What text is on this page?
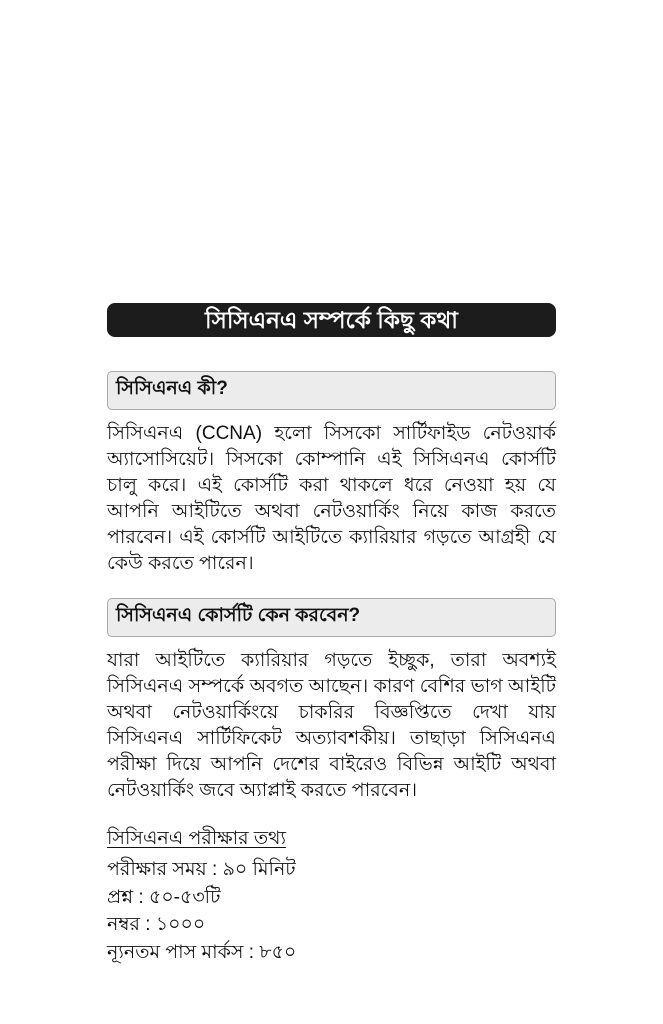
সিসিএনএ সম্পর্কে কিছু কথা
সিসিএনএ কী?

সিসিএনএ (CCNA) হলো সিসকো সার্টিফাইড নেটওয়ার্ক অ্যাসোসিয়েট। সিসকো কোম্পানি এই সিসিএনএ কোর্সটি চালু করে। এই কোর্সটি করা থাকলে ধরে নেওয়া হয় যে আপনি আইটিতে অথবা নেটওয়ার্কিং নিয়ে কাজ করতে পারবেন। এই কোর্সটি আইটিতে ক্যারিয়ার গড়তে আগ্রহী যে কেউ করতে পারেন।

সিসিএনএ কোর্সটি কেন করবেন?

যারা আইটিতে ক্যারিয়ার গড়তে ইচ্ছুক, তারা অবশ্যই সিসিএনএ সম্পর্কে অবগত আছেন। কারণ বেশির ভাগ আইটি অথবা নেটওয়ার্কিংয়ে চাকরির বিজ্ঞপ্তিতে দেখা যায় সিসিএনএ সার্টিফিকেট অত্যাবশকীয়। তাছাড়া সিসিএনএ পরীক্ষা দিয়ে আপনি দেশের বাইরেও বিভিন্ন আইটি অথবা নেটওয়ার্কিং জবে অ্যাপ্লাই করতে পারবেন।

সিসিএনএ পরীক্ষার তথ্য
পরীক্ষার সময় : ৯০ মিনিট
প্রশ্ন : ৫০-৫৩টি
নম্বর : ১০০০
ন্যূনতম পাস মার্কস : ৮৫০
